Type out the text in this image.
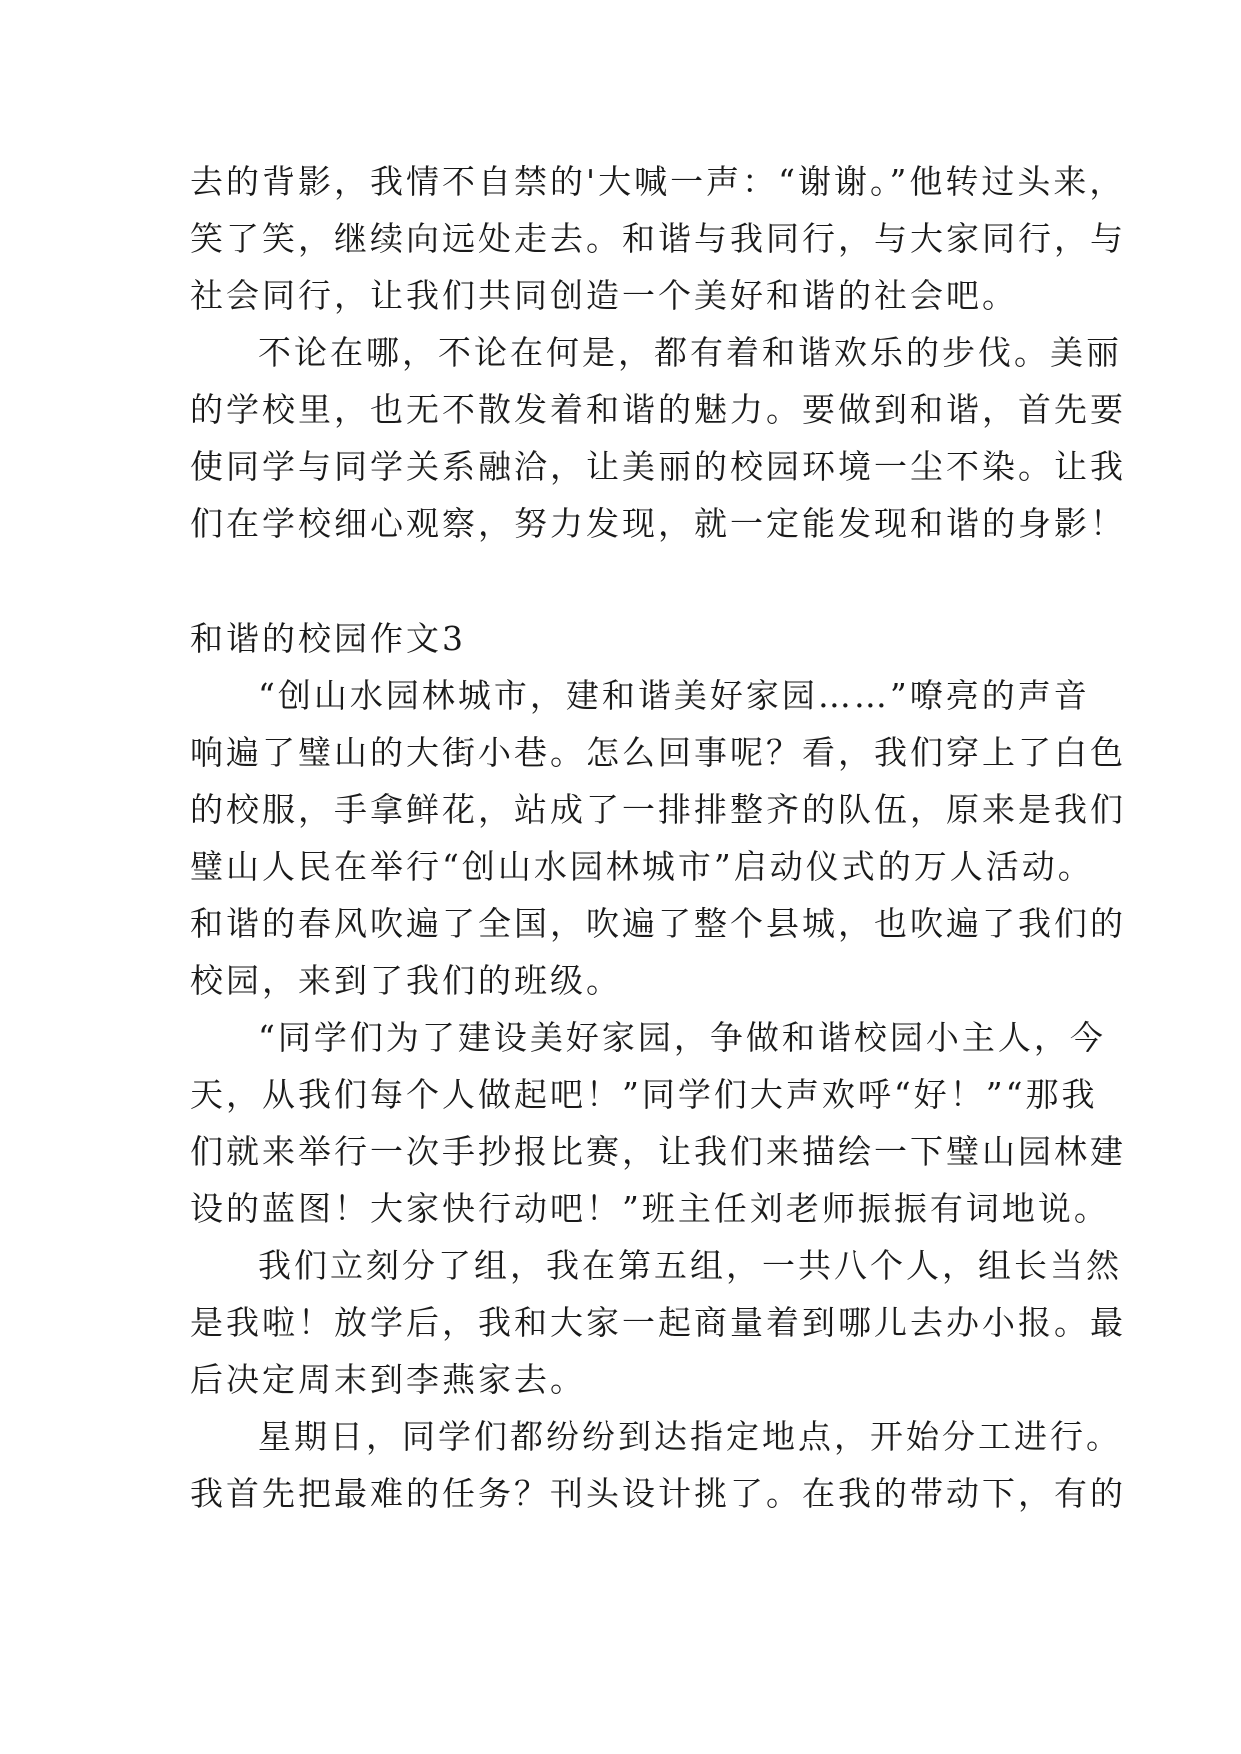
去的背影，我情不自禁的'大喊一声：“谢谢。”他转过头来，
笑了笑，继续向远处走去。和谐与我同行，与大家同行，与
社会同行，让我们共同创造一个美好和谐的社会吧。
不论在哪，不论在何是，都有着和谐欢乐的步伐。美丽
的学校里，也无不散发着和谐的魅力。要做到和谐，首先要
使同学与同学关系融洽，让美丽的校园环境一尘不染。让我
们在学校细心观察，努力发现，就一定能发现和谐的身影！
和谐的校园作文3
“创山水园林城市，建和谐美好家园……”嘹亮的声音
响遍了璧山的大街小巷。怎么回事呢？看，我们穿上了白色
的校服，手拿鲜花，站成了一排排整齐的队伍，原来是我们
璧山人民在举行“创山水园林城市”启动仪式的万人活动。
和谐的春风吹遍了全国，吹遍了整个县城，也吹遍了我们的
校园，来到了我们的班级。
“同学们为了建设美好家园，争做和谐校园小主人，今
天，从我们每个人做起吧！”同学们大声欢呼“好！”“那我
们就来举行一次手抄报比赛，让我们来描绘一下璧山园林建
设的蓝图！大家快行动吧！”班主任刘老师振振有词地说。
我们立刻分了组，我在第五组，一共八个人，组长当然
是我啦！放学后，我和大家一起商量着到哪儿去办小报。最
后决定周末到李燕家去。
星期日，同学们都纷纷到达指定地点，开始分工进行。
我首先把最难的任务？刊头设计挑了。在我的带动下，有的
